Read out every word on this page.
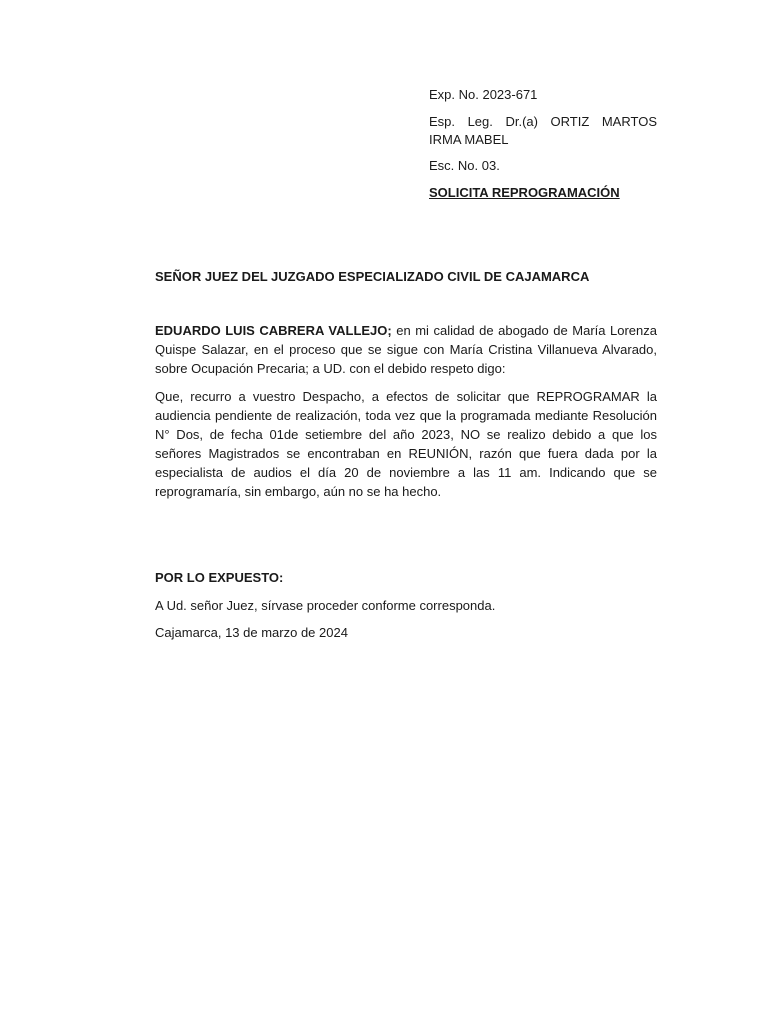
Exp. No. 2023-671

Esp. Leg. Dr.(a) ORTIZ MARTOS IRMA MABEL

Esc. No. 03.

SOLICITA REPROGRAMACIÓN

SEÑOR JUEZ DEL JUZGADO ESPECIALIZADO CIVIL DE CAJAMARCA

EDUARDO LUIS CABRERA VALLEJO; en mi calidad de abogado de María Lorenza Quispe Salazar, en el proceso que se sigue con María Cristina Villanueva Alvarado, sobre Ocupación Precaria; a UD. con el debido respeto digo:

Que, recurro a vuestro Despacho, a efectos de solicitar que REPROGRAMAR la audiencia pendiente de realización, toda vez que la programada mediante Resolución N° Dos, de fecha 01de setiembre del año 2023, NO se realizo debido a que los señores Magistrados se encontraban en REUNIÓN, razón que fuera dada por la especialista de audios el día 20 de noviembre a las 11 am. Indicando que se reprogramaría, sin embargo, aún no se ha hecho.

POR LO EXPUESTO:

A Ud. señor Juez, sírvase proceder conforme corresponda.

Cajamarca, 13 de marzo de 2024
